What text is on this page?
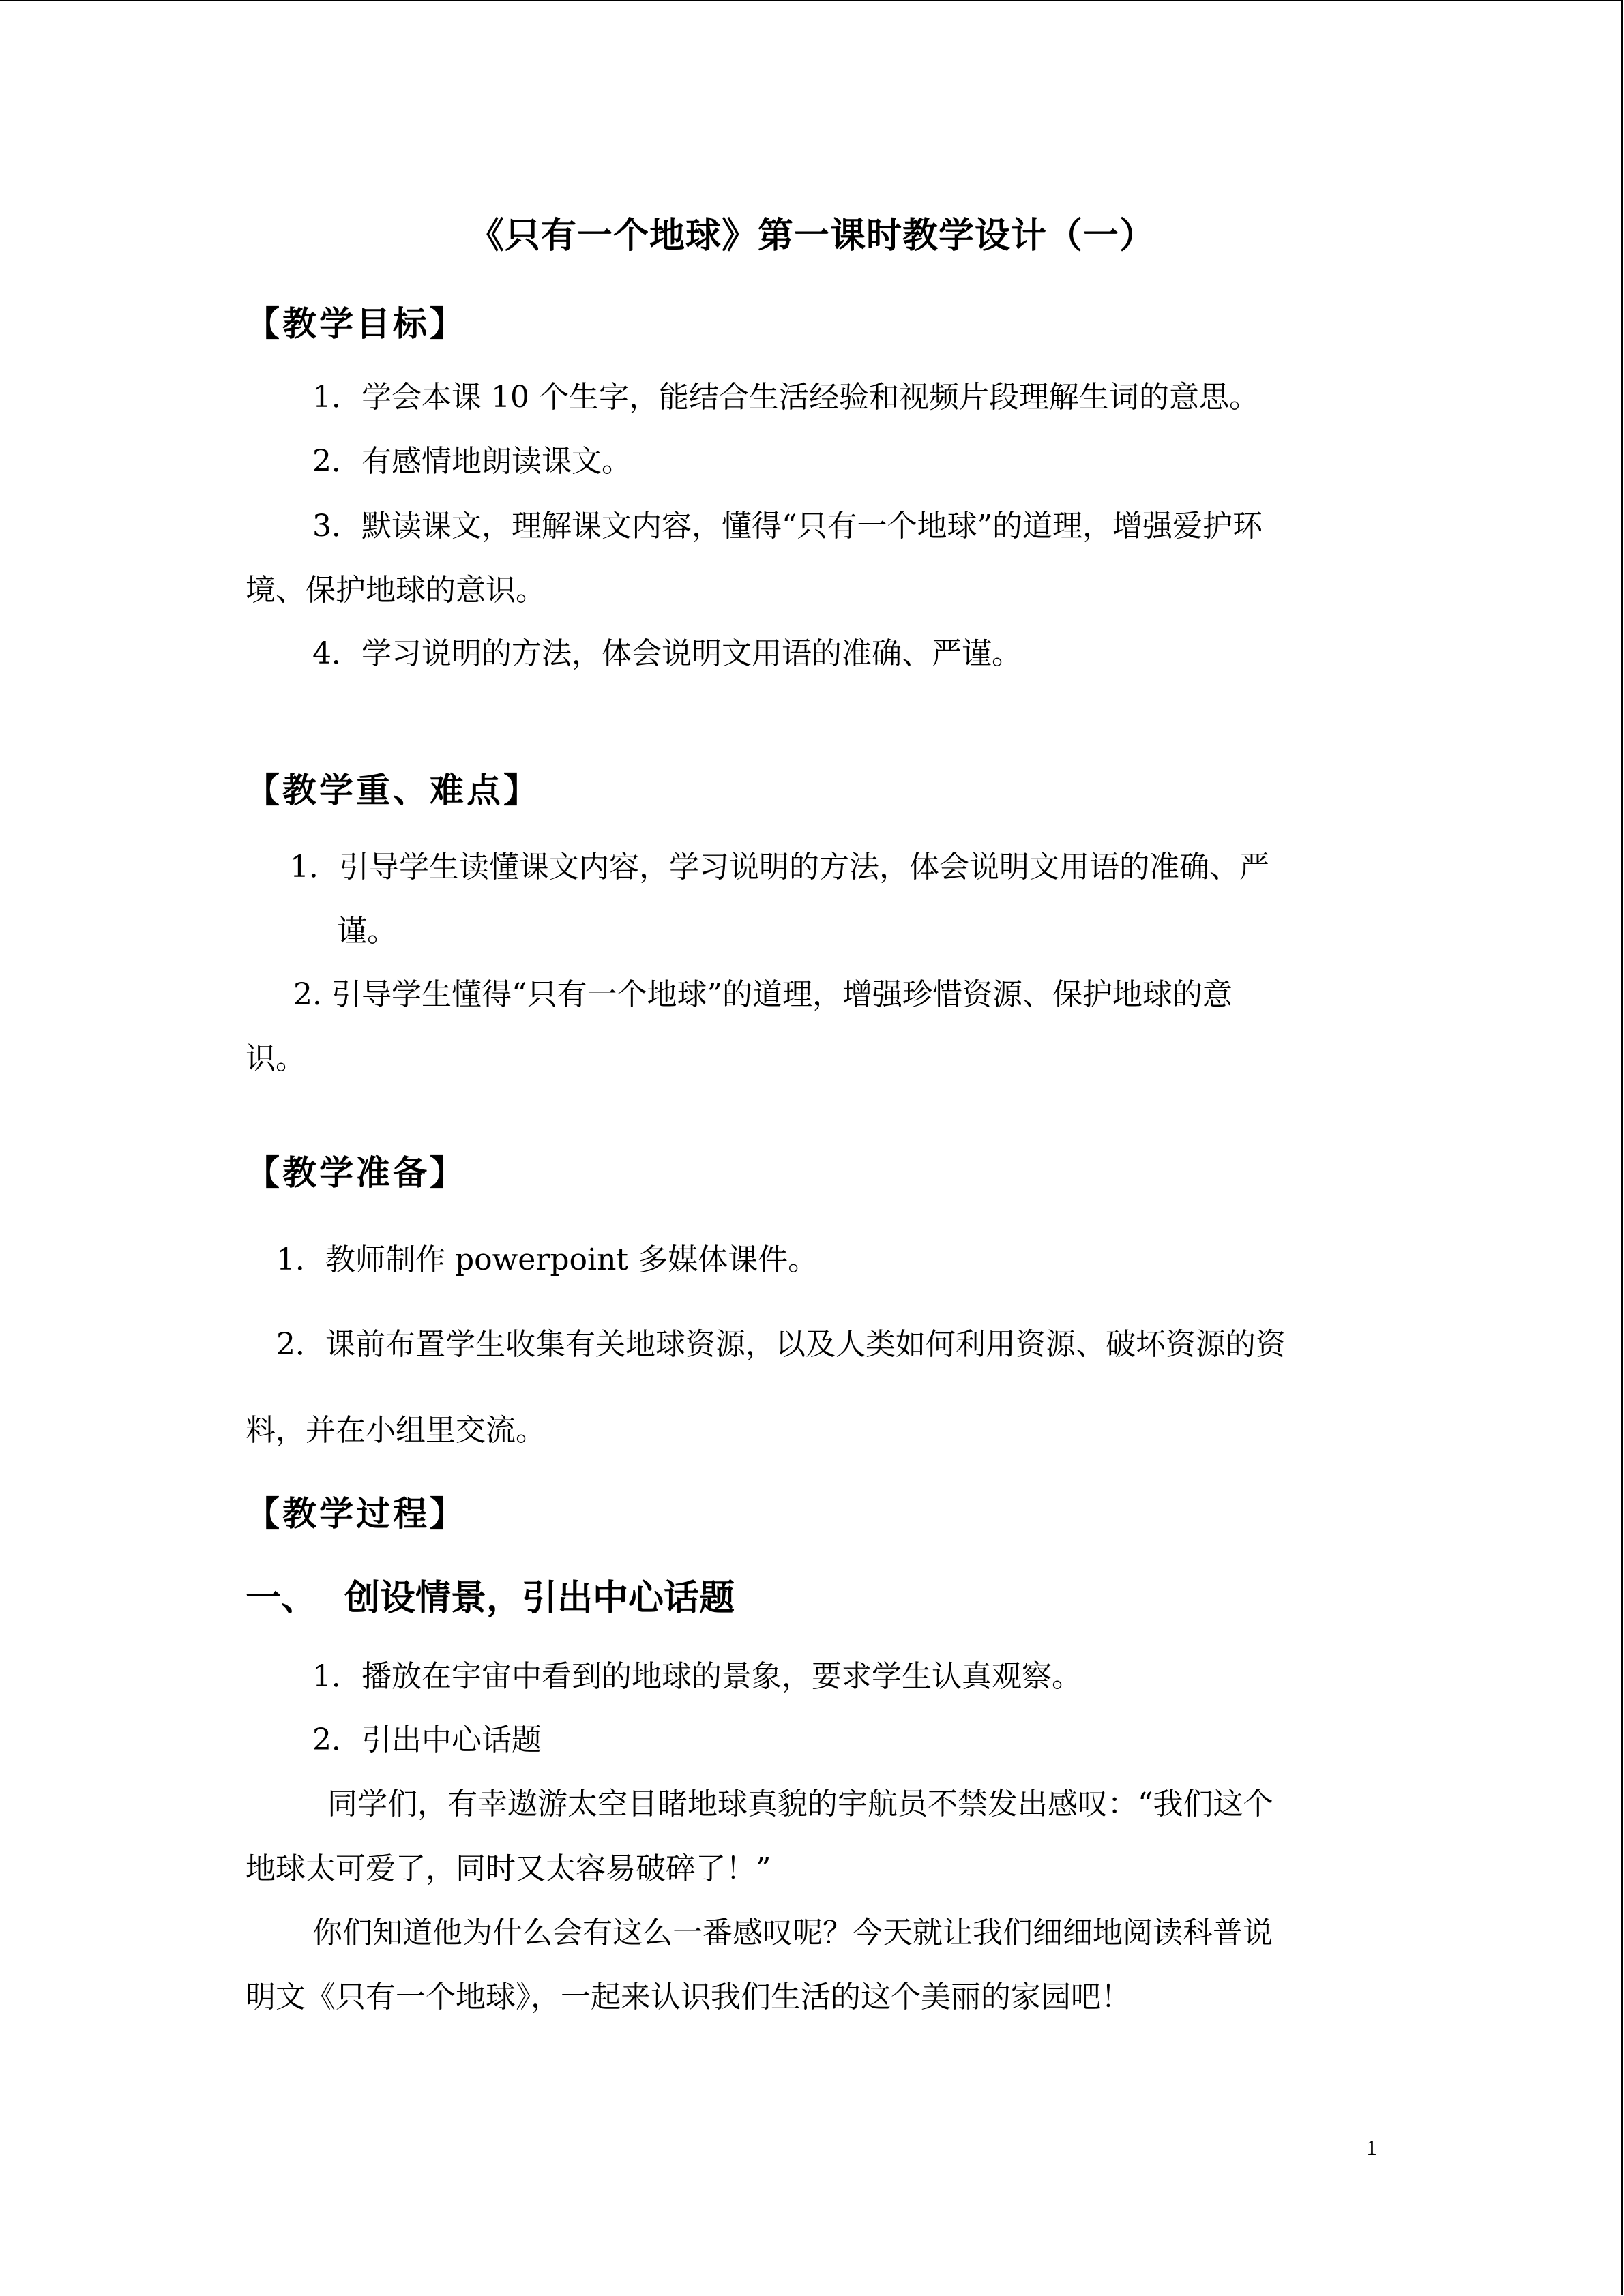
《只有一个地球》第一课时教学设计（一）
【教学目标】
1．学会本课 10 个生字，能结合生活经验和视频片段理解生词的意思。
2．有感情地朗读课文。
3．默读课文，理解课文内容，懂得“只有一个地球”的道理，增强爱护环
境、保护地球的意识。
4．学习说明的方法，体会说明文用语的准确、严谨。
【教学重、难点】
1．引导学生读懂课文内容，学习说明的方法，体会说明文用语的准确、严
谨。
2. 引导学生懂得“只有一个地球”的道理，增强珍惜资源、保护地球的意
识。
【教学准备】
1．教师制作 powerpoint 多媒体课件。
2．课前布置学生收集有关地球资源，以及人类如何利用资源、破坏资源的资
料，并在小组里交流。
【教学过程】
一、 创设情景，引出中心话题
1．播放在宇宙中看到的地球的景象，要求学生认真观察。
2．引出中心话题
同学们，有幸遨游太空目睹地球真貌的宇航员不禁发出感叹：“我们这个
地球太可爱了，同时又太容易破碎了！”
你们知道他为什么会有这么一番感叹呢？今天就让我们细细地阅读科普说
明文《只有一个地球》，一起来认识我们生活的这个美丽的家园吧！
1
